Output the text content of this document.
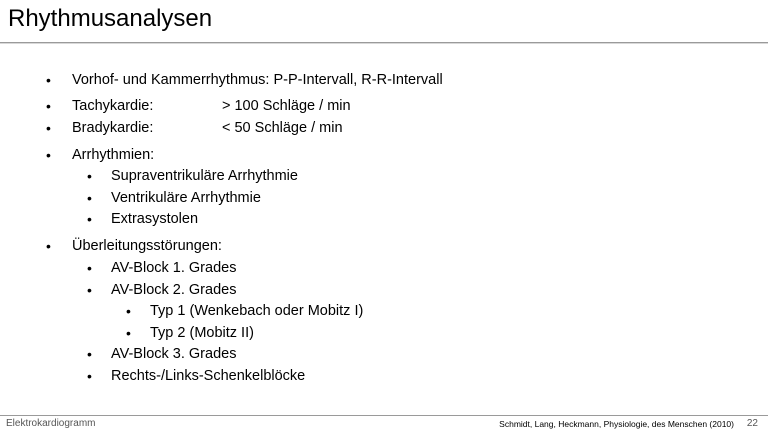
Rhythmusanalysen
• Vorhof- und Kammerrhythmus: P-P-Intervall, R-R-Intervall
• Tachykardie:	> 100 Schläge / min
• Bradykardie:	< 50 Schläge / min
• Arrhythmien:
• Supraventrikuläre Arrhythmie
• Ventrikuläre Arrhythmie
• Extrasystolen
• Überleitungsstörungen:
• AV-Block 1. Grades
• AV-Block 2. Grades
• Typ 1 (Wenkebach oder Mobitz I)
• Typ 2 (Mobitz II)
• AV-Block 3. Grades
• Rechts-/Links-Schenkelblöcke
Elektrokardiogramm	Schmidt, Lang, Heckmann, Physiologie, des Menschen (2010) 22
